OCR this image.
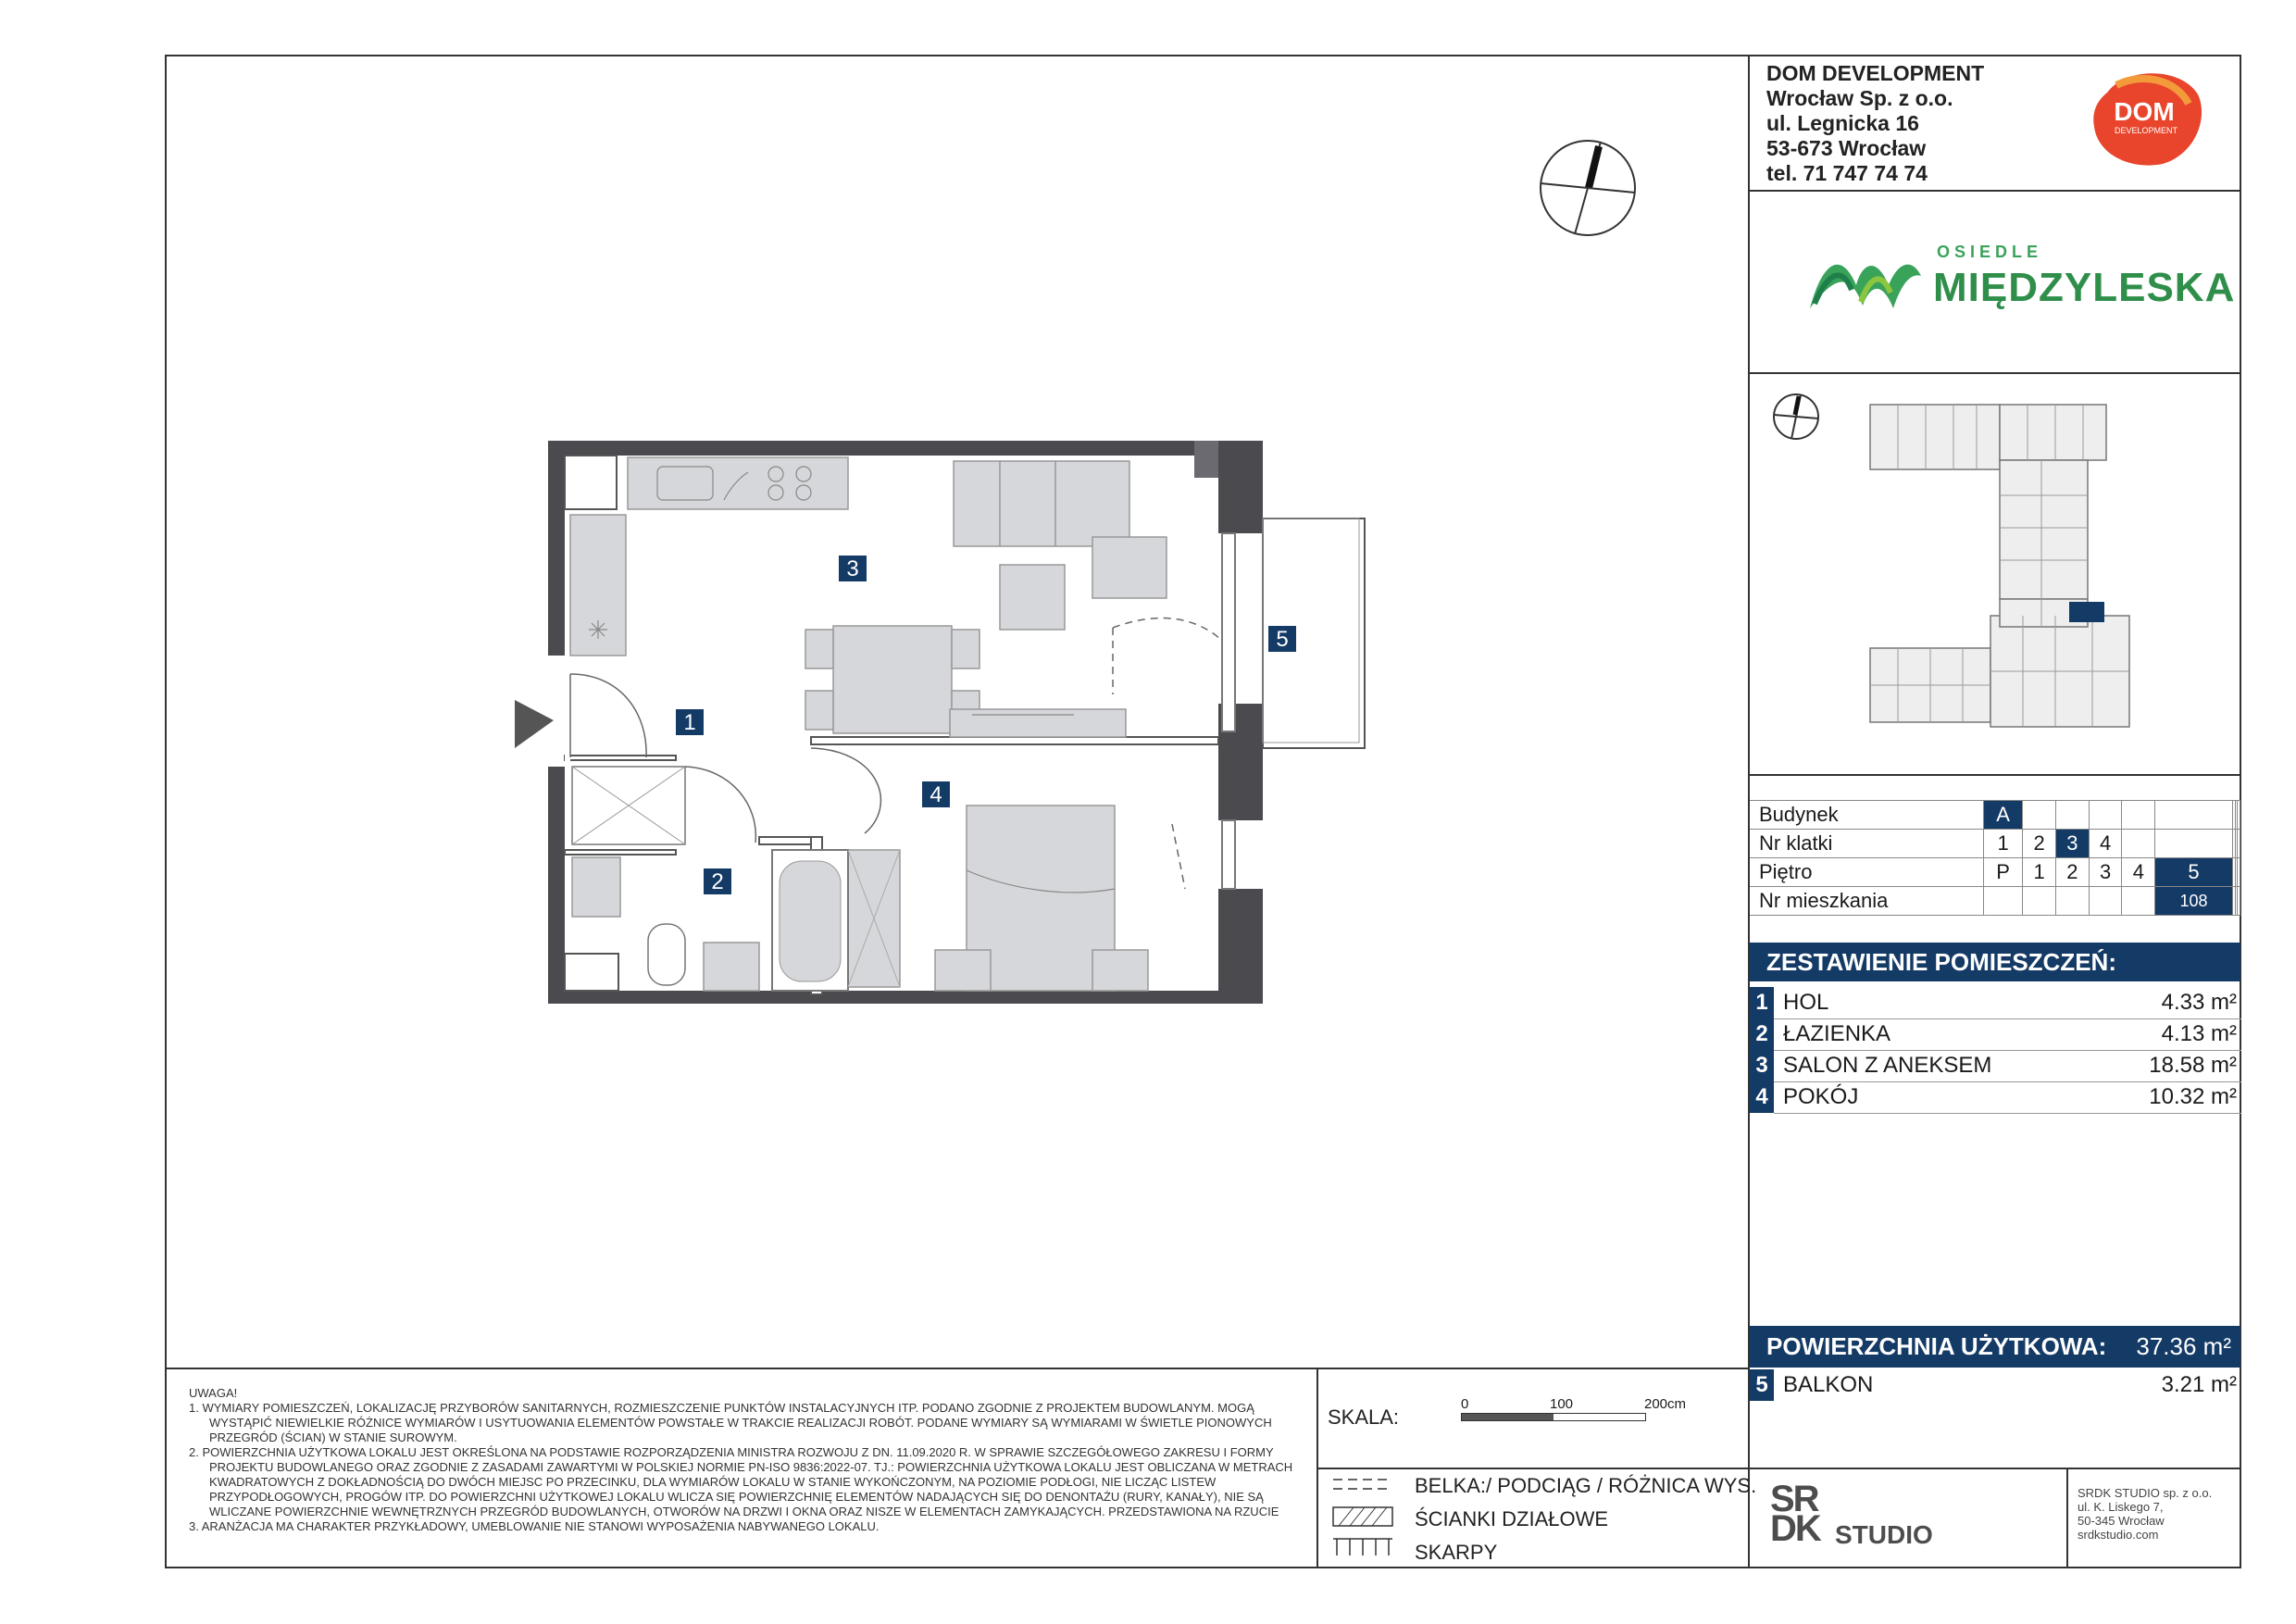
DOM DEVELOPMENT
Wrocław Sp. z o.o.
ul. Legnicka 16
53-673 Wrocław
tel. 71 747 74 74
DOM
DEVELOPMENT
OSIEDLE
MIĘDZYLESKA
Budynek	A								
Nr klatki	1	2	3	4					
Piętro	P	1	2	3	4	5			
Nr mieszkania						108			
ZESTAWIENIE POMIESZCZEŃ:
1 HOL	4.33 m²
2 ŁAZIENKA	4.13 m²
3 SALON Z ANEKSEM	18.58 m²
4 POKÓJ	10.32 m²
POWIERZCHNIA UŻYTKOWA: 37.36 m²
5 BALKON	3.21 m²
1
2
3
4
5

UWAGA!

1. WYMIARY POMIESZCZEŃ, LOKALIZACJĘ PRZYBORÓW SANITARNYCH, ROZMIESZCZENIE PUNKTÓW INSTALACYJNYCH ITP. PODANO ZGODNIE Z PROJEKTEM BUDOWLANYM. MOGĄ WYSTĄPIĆ NIEWIELKIE RÓŻNICE WYMIARÓW I USYTUOWANIA ELEMENTÓW POWSTAŁE W TRAKCIE REALIZACJI ROBÓT. PODANE WYMIARY SĄ WYMIARAMI W ŚWIETLE PIONOWYCH PRZEGRÓD (ŚCIAN) W STANIE SUROWYM.

2. POWIERZCHNIA UŻYTKOWA LOKALU JEST OKREŚLONA NA PODSTAWIE ROZPORZĄDZENIA MINISTRA ROZWOJU Z DN. 11.09.2020 R. W SPRAWIE SZCZEGÓŁOWEGO ZAKRESU I FORMY PROJEKTU BUDOWLANEGO ORAZ ZGODNIE Z ZASADAMI ZAWARTYMI W POLSKIEJ NORMIE PN-ISO 9836:2022-07. TJ.: POWIERZCHNIA UŻYTKOWA LOKALU JEST OBLICZANA W METRACH KWADRATOWYCH Z DOKŁADNOŚCIĄ DO DWÓCH MIEJSC PO PRZECINKU, DLA WYMIARÓW LOKALU W STANIE WYKOŃCZONYM, NA POZIOMIE PODŁOGI, NIE LICZĄC LISTEW PRZYPODŁOGOWYCH, PROGÓW ITP. DO POWIERZCHNI UŻYTKOWEJ LOKALU WLICZA SIĘ POWIERZCHNIĘ ELEMENTÓW NADAJĄCYCH SIĘ DO DENONTAŻU (RURY, KANAŁY), NIE SĄ WLICZANE POWIERZCHNIE WEWNĘTRZNYCH PRZEGRÓD BUDOWLANYCH, OTWORÓW NA DRZWI I OKNA ORAZ NISZE W ELEMENTACH ZAMYKAJĄCYCH. PRZEDSTAWIONA NA RZUCIE

3. ARANŻACJA MA CHARAKTER PRZYKŁADOWY, UMEBLOWANIE NIE STANOWI WYPOSAŻENIA NABYWANEGO LOKALU.

SKALA:
0	100	200cm
BELKA:/ PODCIĄG / RÓŻNICA WYS.
ŚCIANKI DZIAŁOWE
SKARPY
SR
DK STUDIO
SRDK STUDIO sp. z o.o.
ul. K. Liskego 7,
50-345 Wrocław
srdkstudio.com
